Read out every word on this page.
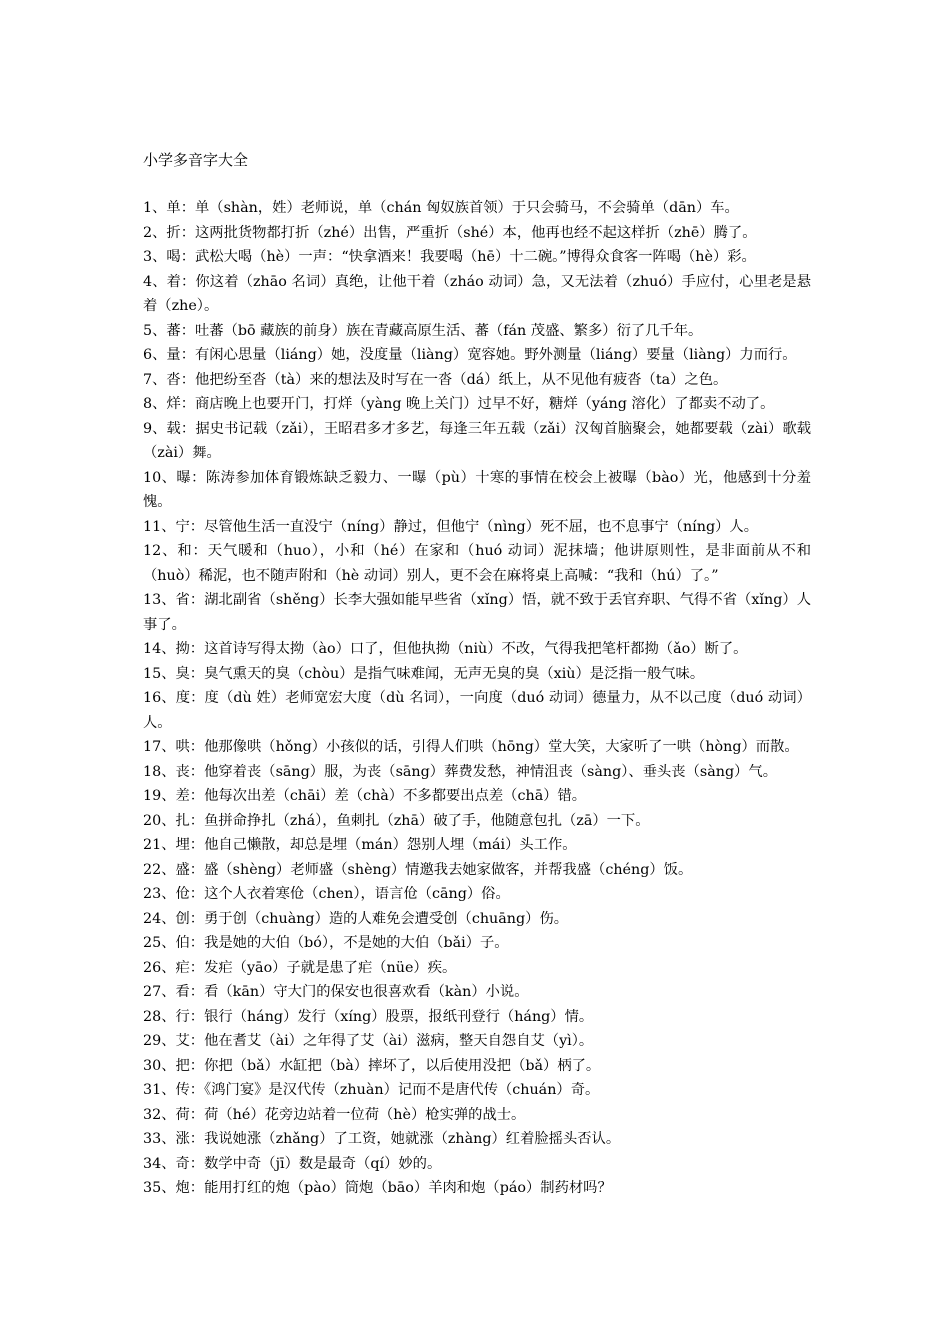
小学多音字大全

1、单：单（shàn，姓）老师说，单（chán 匈奴族首领）于只会骑马，不会骑单（dān）车。

2、折：这两批货物都打折（zhé）出售，严重折（shé）本，他再也经不起这样折（zhē）腾了。

3、喝：武松大喝（hè）一声：“快拿酒来！我要喝（hē）十二碗。”博得众食客一阵喝（hè）彩。

4、着：你这着（zhāo 名词）真绝，让他干着（zháo 动词）急，又无法着（zhuó）手应付，心里老是悬着（zhe）。

5、蕃：吐蕃（bō 藏族的前身）族在青藏高原生活、蕃（fán 茂盛、繁多）衍了几千年。

6、量：有闲心思量（liáng）她，没度量（liàng）宽容她。野外测量（liáng）要量（liàng）力而行。

7、沓：他把纷至沓（tà）来的想法及时写在一沓（dá）纸上，从不见他有疲沓（ta）之色。

8、烊：商店晚上也要开门，打烊（yàng 晚上关门）过早不好，糖烊（yáng 溶化）了都卖不动了。

9、载：据史书记载（zǎi），王昭君多才多艺，每逢三年五载（zǎi）汉匈首脑聚会，她都要载（zài）歌载（zài）舞。

10、曝：陈涛参加体育锻炼缺乏毅力、一曝（pù）十寒的事情在校会上被曝（bào）光，他感到十分羞愧。

11、宁：尽管他生活一直没宁（níng）静过，但他宁（nìng）死不屈，也不息事宁（níng）人。

12、和：天气暖和（huo），小和（hé）在家和（huó 动词）泥抹墙；他讲原则性，是非面前从不和（huò）稀泥，也不随声附和（hè 动词）别人，更不会在麻将桌上高喊：“我和（hú）了。”

13、省：湖北副省（shěng）长李大强如能早些省（xǐng）悟，就不致于丢官弃职、气得不省（xǐng）人事了。

14、拗：这首诗写得太拗（ào）口了，但他执拗（niù）不改，气得我把笔杆都拗（ǎo）断了。

15、臭：臭气熏天的臭（chòu）是指气味难闻，无声无臭的臭（xiù）是泛指一般气味。

16、度：度（dù 姓）老师宽宏大度（dù 名词），一向度（duó 动词）德量力，从不以己度（duó 动词）人。

17、哄：他那像哄（hǒng）小孩似的话，引得人们哄（hōng）堂大笑，大家听了一哄（hòng）而散。

18、丧：他穿着丧（sāng）服，为丧（sāng）葬费发愁，神情沮丧（sàng）、垂头丧（sàng）气。

19、差：他每次出差（chāi）差（chà）不多都要出点差（chā）错。

20、扎：鱼拼命挣扎（zhá），鱼刺扎（zhā）破了手，他随意包扎（zā）一下。

21、埋：他自己懒散，却总是埋（mán）怨别人埋（mái）头工作。

22、盛：盛（shèng）老师盛（shèng）情邀我去她家做客，并帮我盛（chéng）饭。

23、伧：这个人衣着寒伧（chen），语言伧（cāng）俗。

24、创：勇于创（chuàng）造的人难免会遭受创（chuāng）伤。

25、伯：我是她的大伯（bó），不是她的大伯（bǎi）子。

26、疟：发疟（yāo）子就是患了疟（nüe）疾。

27、看：看（kān）守大门的保安也很喜欢看（kàn）小说。

28、行：银行（háng）发行（xíng）股票，报纸刊登行（háng）情。

29、艾：他在耆艾（ài）之年得了艾（ài）滋病，整天自怨自艾（yì）。

30、把：你把（bǎ）水缸把（bà）摔坏了，以后使用没把（bǎ）柄了。

31、传：《鸿门宴》是汉代传（zhuàn）记而不是唐代传（chuán）奇。

32、荷：荷（hé）花旁边站着一位荷（hè）枪实弹的战士。

33、涨：我说她涨（zhǎng）了工资，她就涨（zhàng）红着脸摇头否认。

34、奇：数学中奇（jī）数是最奇（qí）妙的。

35、炮：能用打红的炮（pào）筒炮（bāo）羊肉和炮（páo）制药材吗？
